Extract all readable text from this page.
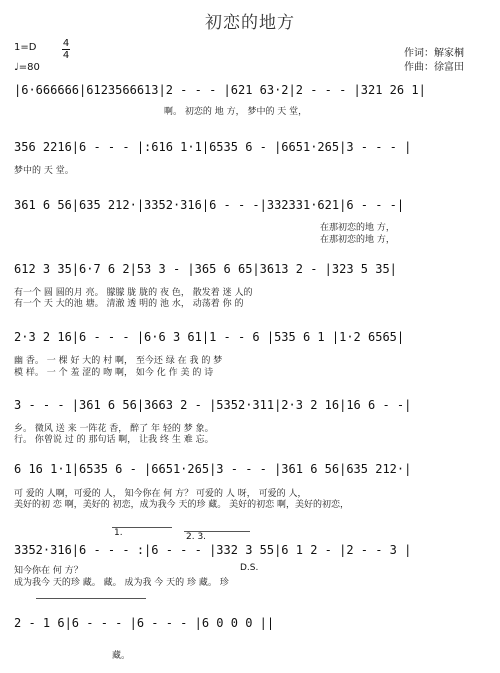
初恋的地方
1=D	4
4
♩=80
作词：解家桐
作曲：徐富田
|6·666666|6123566613|2 - - - |621 63·2|2 - - - |321 26 1|
啊。 初恋的 地 方， 梦中的 天 堂，
356 2216|6 - - - |:616 1·1|6535 6 - |6651·265|3 - - - |
梦中的 天 堂。
361 6 56|635 212·|3352·316|6 - - -|332331·621|6 - - -|
在那初恋的地 方，
在那初恋的地 方，
612 3 35|6·7 6 2|53 3 - |365 6 65|3613 2 - |323 5 35|
有一个 圆 圆的月 亮。 朦朦 胧 胧的 夜 色， 散发着 迷 人的
有一个 天 大的池 塘。 清澈 透 明的 池 水， 动荡着 你 的
2·3 2 16|6 - - - |6·6 3 61|1 - - 6 |535 6 1 |1·2 6565|
幽 香。 一 棵 好 大的 村 啊， 至今还 绿 在 我 的 梦
模 样。 一 个 羞 涩的 吻 啊， 如今 化 作 美 的 诗
3 - - - |361 6 56|3663 2 - |5352·311|2·3 2 16|16 6 - -|
乡。 微风 送 来 一阵花 香， 醉了 年 轻的 梦 象。
行。 你曾说 过 的 那句话 啊， 让我 终 生 难 忘。
6 16 1·1|6535 6 - |6651·265|3 - - - |361 6 56|635 212·|
可 爱的 人啊，可爱的 人， 知今你在 何 方？ 可爱的 人 呀， 可爱的 人，
美好的初 恋 啊，美好的 初恋，成为我今 天的珍 藏。 美好的初恋 啊，美好的初恋，
1.	2. 3.
3352·316|6 - - - :|6 - - - |332 3 55|6 1 2 - |2 - - 3 |
知今你在 何 方？
成为我今 天的珍 藏。 藏。 成为我 今 天的 珍 藏。 珍
D.S.
2 - 1 6|6 - - - |6 - - - |6 0 0 0 ||
藏。
